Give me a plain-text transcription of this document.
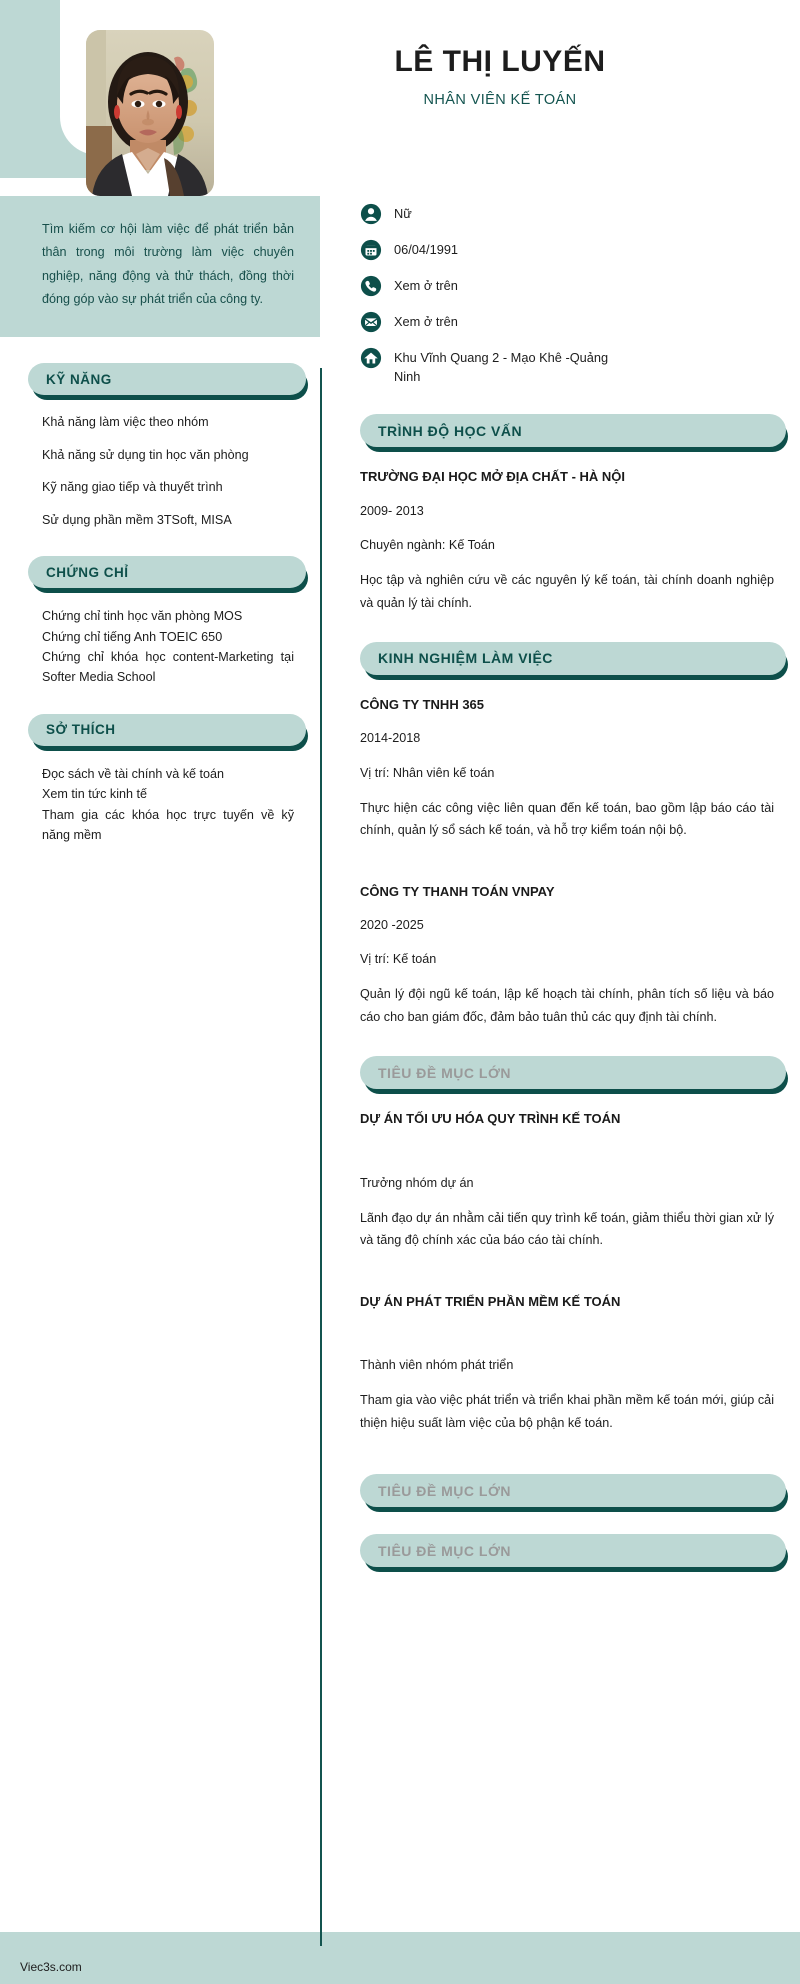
LÊ THỊ LUYẾN
NHÂN VIÊN KẾ TOÁN

Tìm kiếm cơ hội làm việc để phát triển bản thân trong môi trường làm việc chuyên nghiệp, năng động và thử thách, đồng thời đóng góp vào sự phát triển của công ty.

KỸ NĂNG
Khả năng làm việc theo nhóm
Khả năng sử dụng tin học văn phòng
Kỹ năng giao tiếp và thuyết trình
Sử dụng phần mềm 3TSoft, MISA
CHỨNG CHỈ
Chứng chỉ tinh học văn phòng MOS
Chứng chỉ tiếng Anh TOEIC 650
Chứng chỉ khóa học content-Marketing tại Softer Media School
SỞ THÍCH
Đọc sách về tài chính và kế toán
Xem tin tức kinh tế
Tham gia các khóa học trực tuyến về kỹ năng mềm
Nữ
06/04/1991
Xem ở trên
Xem ở trên
Khu Vĩnh Quang 2 - Mạo Khê -Quảng Ninh
TRÌNH ĐỘ HỌC VẤN
TRƯỜNG ĐẠI HỌC MỞ ĐỊA CHẤT - HÀ NỘI
2009- 2013
Chuyên ngành: Kế Toán
Học tập và nghiên cứu về các nguyên lý kế toán, tài chính doanh nghiệp và quản lý tài chính.
KINH NGHIỆM LÀM VIỆC
CÔNG TY TNHH 365
2014-2018
Vị trí: Nhân viên kế toán
Thực hiện các công việc liên quan đến kế toán, bao gồm lập báo cáo tài chính, quản lý sổ sách kế toán, và hỗ trợ kiểm toán nội bộ.
CÔNG TY THANH TOÁN VNPAY
2020 -2025
Vị trí: Kế toán
Quản lý đội ngũ kế toán, lập kế hoạch tài chính, phân tích số liệu và báo cáo cho ban giám đốc, đảm bảo tuân thủ các quy định tài chính.
TIÊU ĐỀ MỤC LỚN
DỰ ÁN TỐI ƯU HÓA QUY TRÌNH KẾ TOÁN
Trưởng nhóm dự án
Lãnh đạo dự án nhằm cải tiến quy trình kế toán, giảm thiểu thời gian xử lý và tăng độ chính xác của báo cáo tài chính.
DỰ ÁN PHÁT TRIỂN PHẦN MỀM KẾ TOÁN
Thành viên nhóm phát triển
Tham gia vào việc phát triển và triển khai phần mềm kế toán mới, giúp cải thiện hiệu suất làm việc của bộ phận kế toán.
TIÊU ĐỀ MỤC LỚN
TIÊU ĐỀ MỤC LỚN
Viec3s.com
